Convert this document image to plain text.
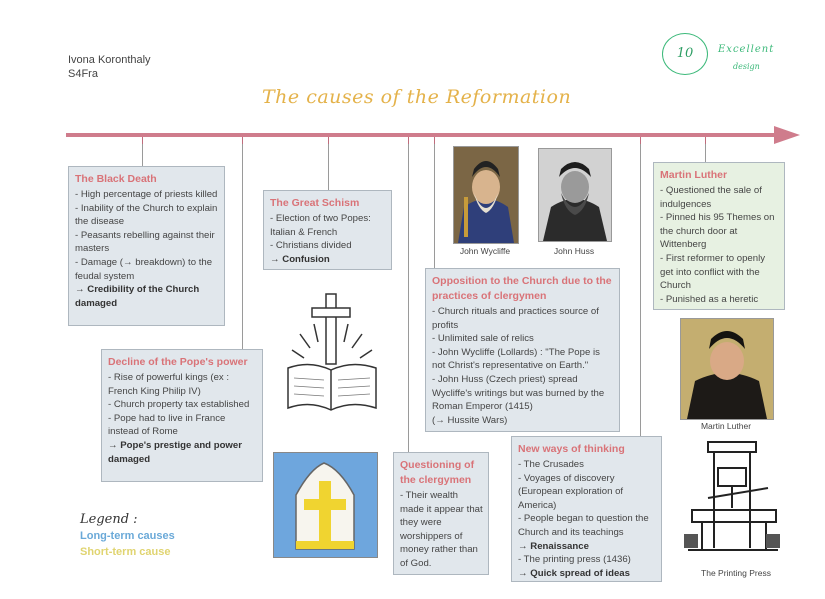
Ivona Koronthaly
S4Fra
The causes of the Reformation
10	Excellent
design
The Black Death
- High percentage of priests killed
- Inability of the Church to explain the disease
- Peasants rebelling against their masters
- Damage (→ breakdown) to the feudal system
→ Credibility of the Church damaged
Decline of the Pope's power
- Rise of powerful kings (ex : French King Philip IV)
- Church property tax established
- Pope had to live in France instead of Rome
→ Pope's prestige and power damaged
The Great Schism
- Election of two Popes: Italian & French
- Christians divided
→ Confusion
Questioning of the clergymen
- Their wealth made it appear that they were worshippers of money rather than of God.
Opposition to the Church due to the practices of clergymen
- Church rituals and practices source of profits
- Unlimited sale of relics
- John Wycliffe (Lollards) : "The Pope is not Christ's representative on Earth."
- John Huss (Czech priest) spread Wycliffe's writings but was burned by the Roman Emperor (1415)
(→ Hussite Wars)
New ways of thinking
- The Crusades
- Voyages of discovery (European exploration of America)
- People began to question the Church and its teachings
→ Renaissance
- The printing press (1436)
→ Quick spread of ideas
Martin Luther
- Questioned the sale of indulgences
- Pinned his 95 Themes on the church door at Wittenberg
- First reformer to openly get into conflict with the Church
- Punished as a heretic
John Wycliffe	John Huss
Martin Luther
The Printing Press
Legend :
Long-term causes
Short-term cause
